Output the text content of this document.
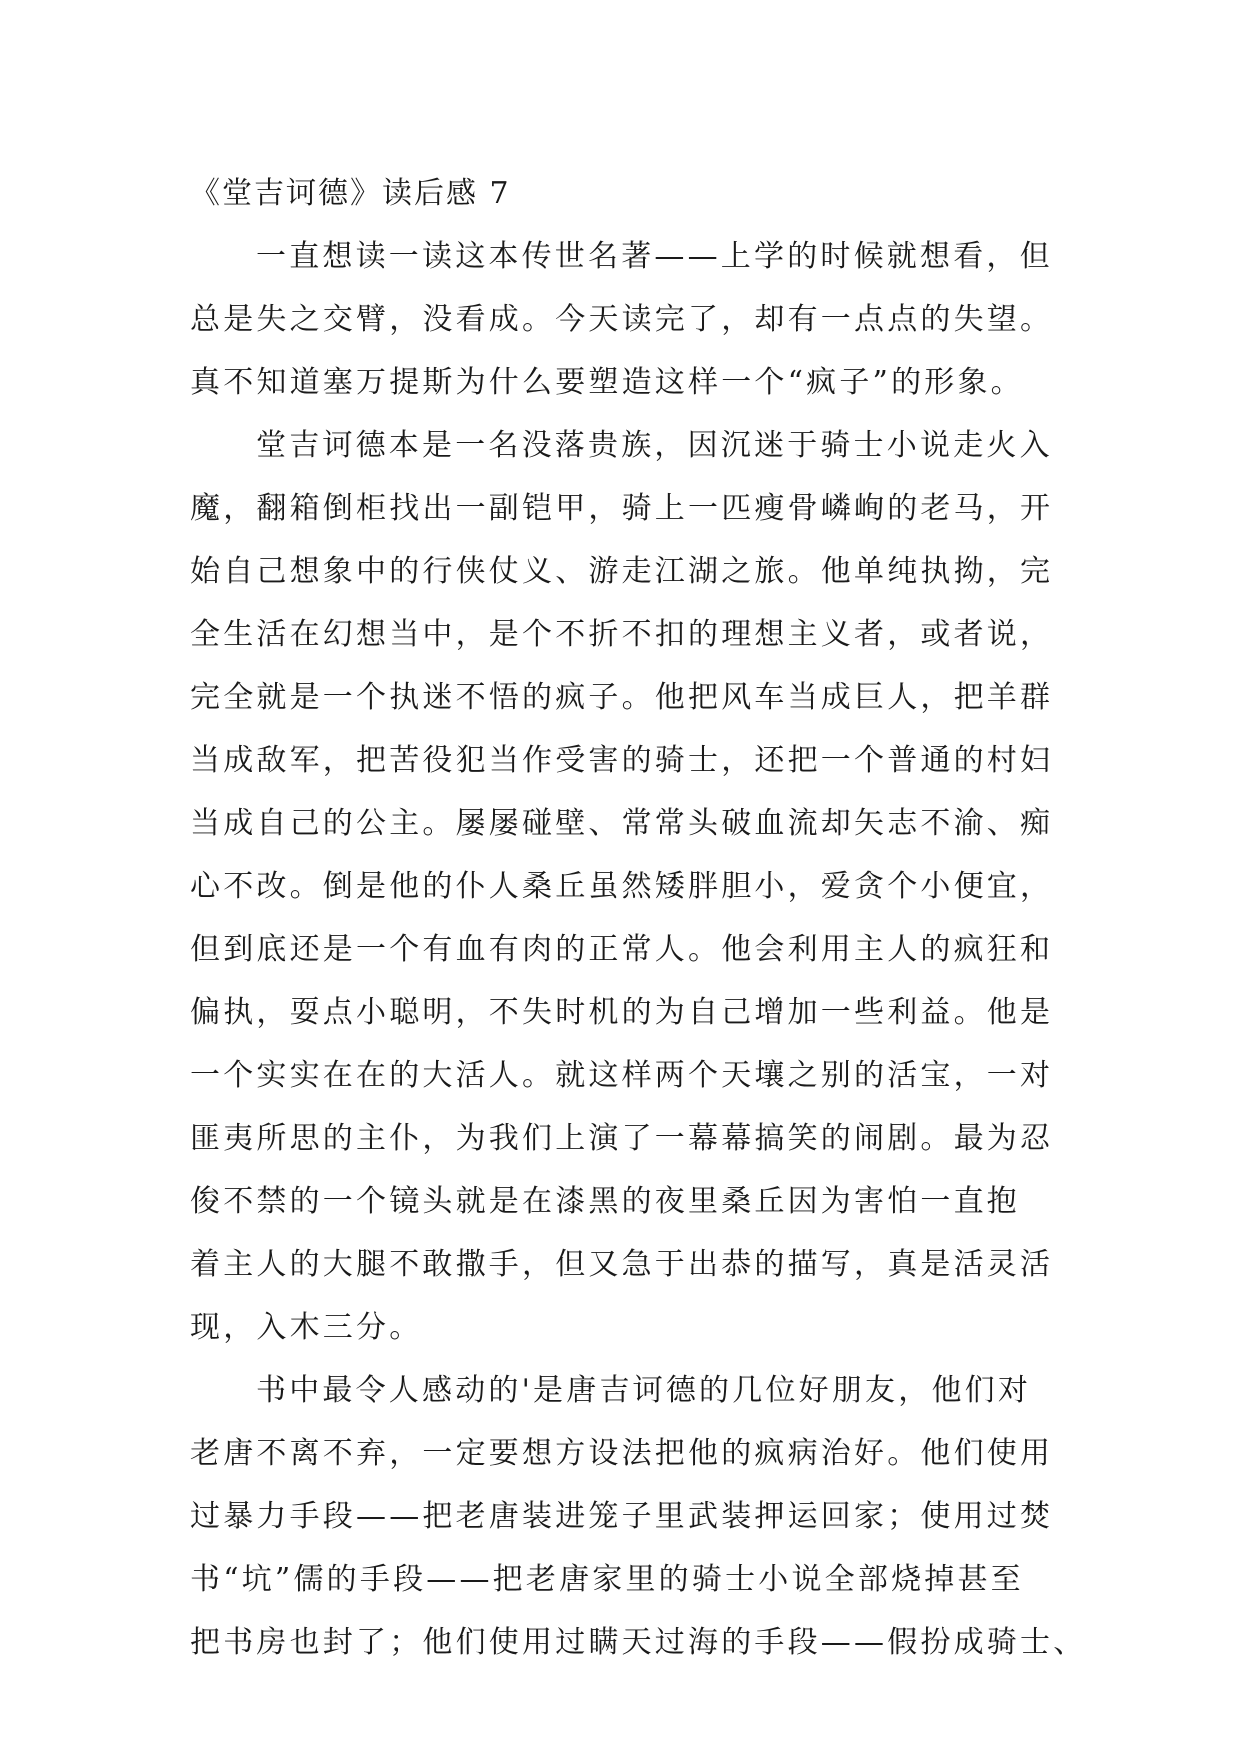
《堂吉诃德》读后感 7
一直想读一读这本传世名著——上学的时候就想看，但
总是失之交臂，没看成。今天读完了，却有一点点的失望。
真不知道塞万提斯为什么要塑造这样一个“疯子”的形象。
堂吉诃德本是一名没落贵族，因沉迷于骑士小说走火入
魔，翻箱倒柜找出一副铠甲，骑上一匹瘦骨嶙峋的老马，开
始自己想象中的行侠仗义、游走江湖之旅。他单纯执拗，完
全生活在幻想当中，是个不折不扣的理想主义者，或者说，
完全就是一个执迷不悟的疯子。他把风车当成巨人，把羊群
当成敌军，把苦役犯当作受害的骑士，还把一个普通的村妇
当成自己的公主。屡屡碰壁、常常头破血流却矢志不渝、痴
心不改。倒是他的仆人桑丘虽然矮胖胆小，爱贪个小便宜，
但到底还是一个有血有肉的正常人。他会利用主人的疯狂和
偏执，耍点小聪明，不失时机的为自己增加一些利益。他是
一个实实在在的大活人。就这样两个天壤之别的活宝，一对
匪夷所思的主仆，为我们上演了一幕幕搞笑的闹剧。最为忍
俊不禁的一个镜头就是在漆黑的夜里桑丘因为害怕一直抱
着主人的大腿不敢撒手，但又急于出恭的描写，真是活灵活
现，入木三分。
书中最令人感动的'是唐吉诃德的几位好朋友，他们对
老唐不离不弃，一定要想方设法把他的疯病治好。他们使用
过暴力手段——把老唐装进笼子里武装押运回家；使用过焚
书“坑”儒的手段——把老唐家里的骑士小说全部烧掉甚至
把书房也封了；他们使用过瞒天过海的手段——假扮成骑士、
